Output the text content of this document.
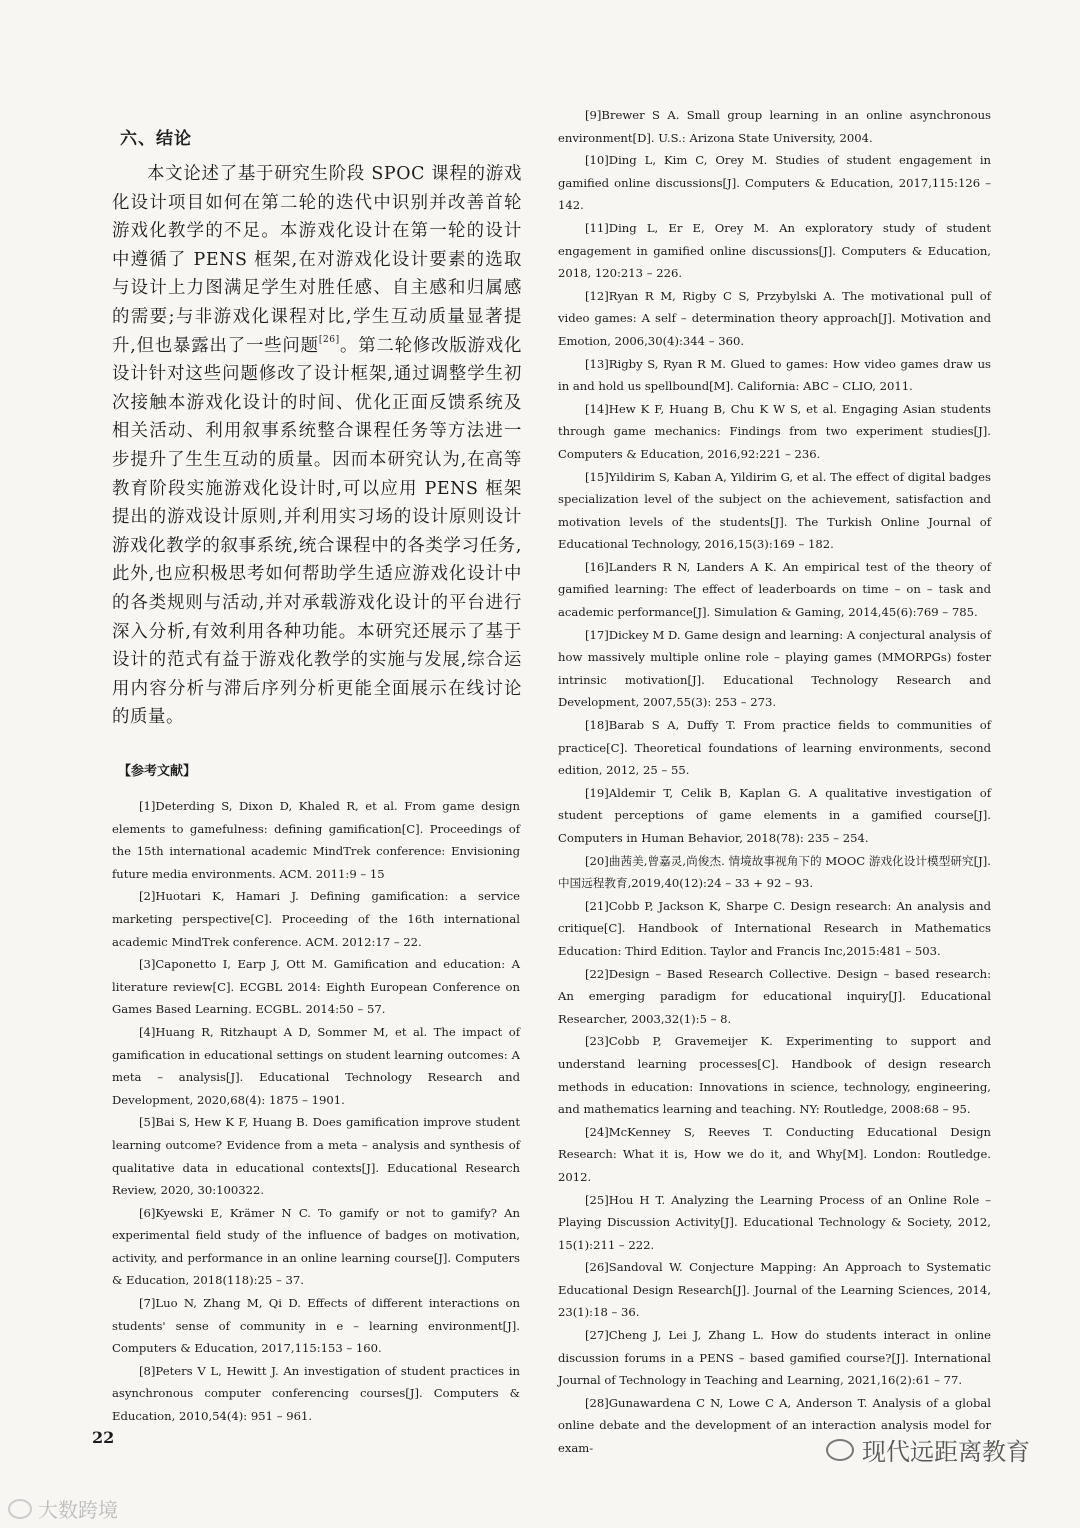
六、结论
本文论述了基于研究生阶段 SPOC 课程的游戏化设计项目如何在第二轮的迭代中识别并改善首轮游戏化教学的不足。本游戏化设计在第一轮的设计中遵循了 PENS 框架,在对游戏化设计要素的选取与设计上力图满足学生对胜任感、自主感和归属感的需要;与非游戏化课程对比,学生互动质量显著提升,但也暴露出了一些问题[26]。第二轮修改版游戏化设计针对这些问题修改了设计框架,通过调整学生初次接触本游戏化设计的时间、优化正面反馈系统及相关活动、利用叙事系统整合课程任务等方法进一步提升了生生互动的质量。因而本研究认为,在高等教育阶段实施游戏化设计时,可以应用 PENS 框架提出的游戏设计原则,并利用实习场的设计原则设计游戏化教学的叙事系统,统合课程中的各类学习任务,此外,也应积极思考如何帮助学生适应游戏化设计中的各类规则与活动,并对承载游戏化设计的平台进行深入分析,有效利用各种功能。本研究还展示了基于设计的范式有益于游戏化教学的实施与发展,综合运用内容分析与滞后序列分析更能全面展示在线讨论的质量。
【参考文献】

[1]Deterding S, Dixon D, Khaled R, et al. From game design elements to gamefulness: defining gamification[C]. Proceedings of the 15th international academic MindTrek conference: Envisioning future media environments. ACM. 2011:9 – 15

[2]Huotari K, Hamari J. Defining gamification: a service marketing perspective[C]. Proceeding of the 16th international academic MindTrek conference. ACM. 2012:17 – 22.

[3]Caponetto I, Earp J, Ott M. Gamification and education: A literature review[C]. ECGBL 2014: Eighth European Conference on Games Based Learning. ECGBL. 2014:50 – 57.

[4]Huang R, Ritzhaupt A D, Sommer M, et al. The impact of gamification in educational settings on student learning outcomes: A meta – analysis[J]. Educational Technology Research and Development, 2020,68(4): 1875 – 1901.

[5]Bai S, Hew K F, Huang B. Does gamification improve student learning outcome? Evidence from a meta – analysis and synthesis of qualitative data in educational contexts[J]. Educational Research Review, 2020, 30:100322.

[6]Kyewski E, Krämer N C. To gamify or not to gamify? An experimental field study of the influence of badges on motivation, activity, and performance in an online learning course[J]. Computers & Education, 2018(118):25 – 37.

[7]Luo N, Zhang M, Qi D. Effects of different interactions on students' sense of community in e – learning environment[J]. Computers & Education, 2017,115:153 – 160.

[8]Peters V L, Hewitt J. An investigation of student practices in asynchronous computer conferencing courses[J]. Computers & Education, 2010,54(4): 951 – 961.

[9]Brewer S A. Small group learning in an online asynchronous environment[D]. U.S.: Arizona State University, 2004.

[10]Ding L, Kim C, Orey M. Studies of student engagement in gamified online discussions[J]. Computers & Education, 2017,115:126 – 142.

[11]Ding L, Er E, Orey M. An exploratory study of student engagement in gamified online discussions[J]. Computers & Education, 2018, 120:213 – 226.

[12]Ryan R M, Rigby C S, Przybylski A. The motivational pull of video games: A self – determination theory approach[J]. Motivation and Emotion, 2006,30(4):344 – 360.

[13]Rigby S, Ryan R M. Glued to games: How video games draw us in and hold us spellbound[M]. California: ABC – CLIO, 2011.

[14]Hew K F, Huang B, Chu K W S, et al. Engaging Asian students through game mechanics: Findings from two experiment studies[J]. Computers & Education, 2016,92:221 – 236.

[15]Yildirim S, Kaban A, Yildirim G, et al. The effect of digital badges specialization level of the subject on the achievement, satisfaction and motivation levels of the students[J]. The Turkish Online Journal of Educational Technology, 2016,15(3):169 – 182.

[16]Landers R N, Landers A K. An empirical test of the theory of gamified learning: The effect of leaderboards on time – on – task and academic performance[J]. Simulation & Gaming, 2014,45(6):769 – 785.

[17]Dickey M D. Game design and learning: A conjectural analysis of how massively multiple online role – playing games (MMORPGs) foster intrinsic motivation[J]. Educational Technology Research and Development, 2007,55(3): 253 – 273.

[18]Barab S A, Duffy T. From practice fields to communities of practice[C]. Theoretical foundations of learning environments, second edition, 2012, 25 – 55.

[19]Aldemir T, Celik B, Kaplan G. A qualitative investigation of student perceptions of game elements in a gamified course[J]. Computers in Human Behavior, 2018(78): 235 – 254.

[20]曲茜美,曾嘉灵,尚俊杰. 情境故事视角下的 MOOC 游戏化设计模型研究[J]. 中国远程教育,2019,40(12):24 – 33 + 92 – 93.

[21]Cobb P, Jackson K, Sharpe C. Design research: An analysis and critique[C]. Handbook of International Research in Mathematics Education: Third Edition. Taylor and Francis Inc,2015:481 – 503.

[22]Design – Based Research Collective. Design – based research: An emerging paradigm for educational inquiry[J]. Educational Researcher, 2003,32(1):5 – 8.

[23]Cobb P, Gravemeijer K. Experimenting to support and understand learning processes[C]. Handbook of design research methods in education: Innovations in science, technology, engineering, and mathematics learning and teaching. NY: Routledge, 2008:68 – 95.

[24]McKenney S, Reeves T. Conducting Educational Design Research: What it is, How we do it, and Why[M]. London: Routledge. 2012.

[25]Hou H T. Analyzing the Learning Process of an Online Role – Playing Discussion Activity[J]. Educational Technology & Society, 2012, 15(1):211 – 222.

[26]Sandoval W. Conjecture Mapping: An Approach to Systematic Educational Design Research[J]. Journal of the Learning Sciences, 2014, 23(1):18 – 36.

[27]Cheng J, Lei J, Zhang L. How do students interact in online discussion forums in a PENS – based gamified course?[J]. International Journal of Technology in Teaching and Learning, 2021,16(2):61 – 77.

[28]Gunawardena C N, Lowe C A, Anderson T. Analysis of a global online debate and the development of an interaction analysis model for exam-

22
现代远距离教育
大数跨境
